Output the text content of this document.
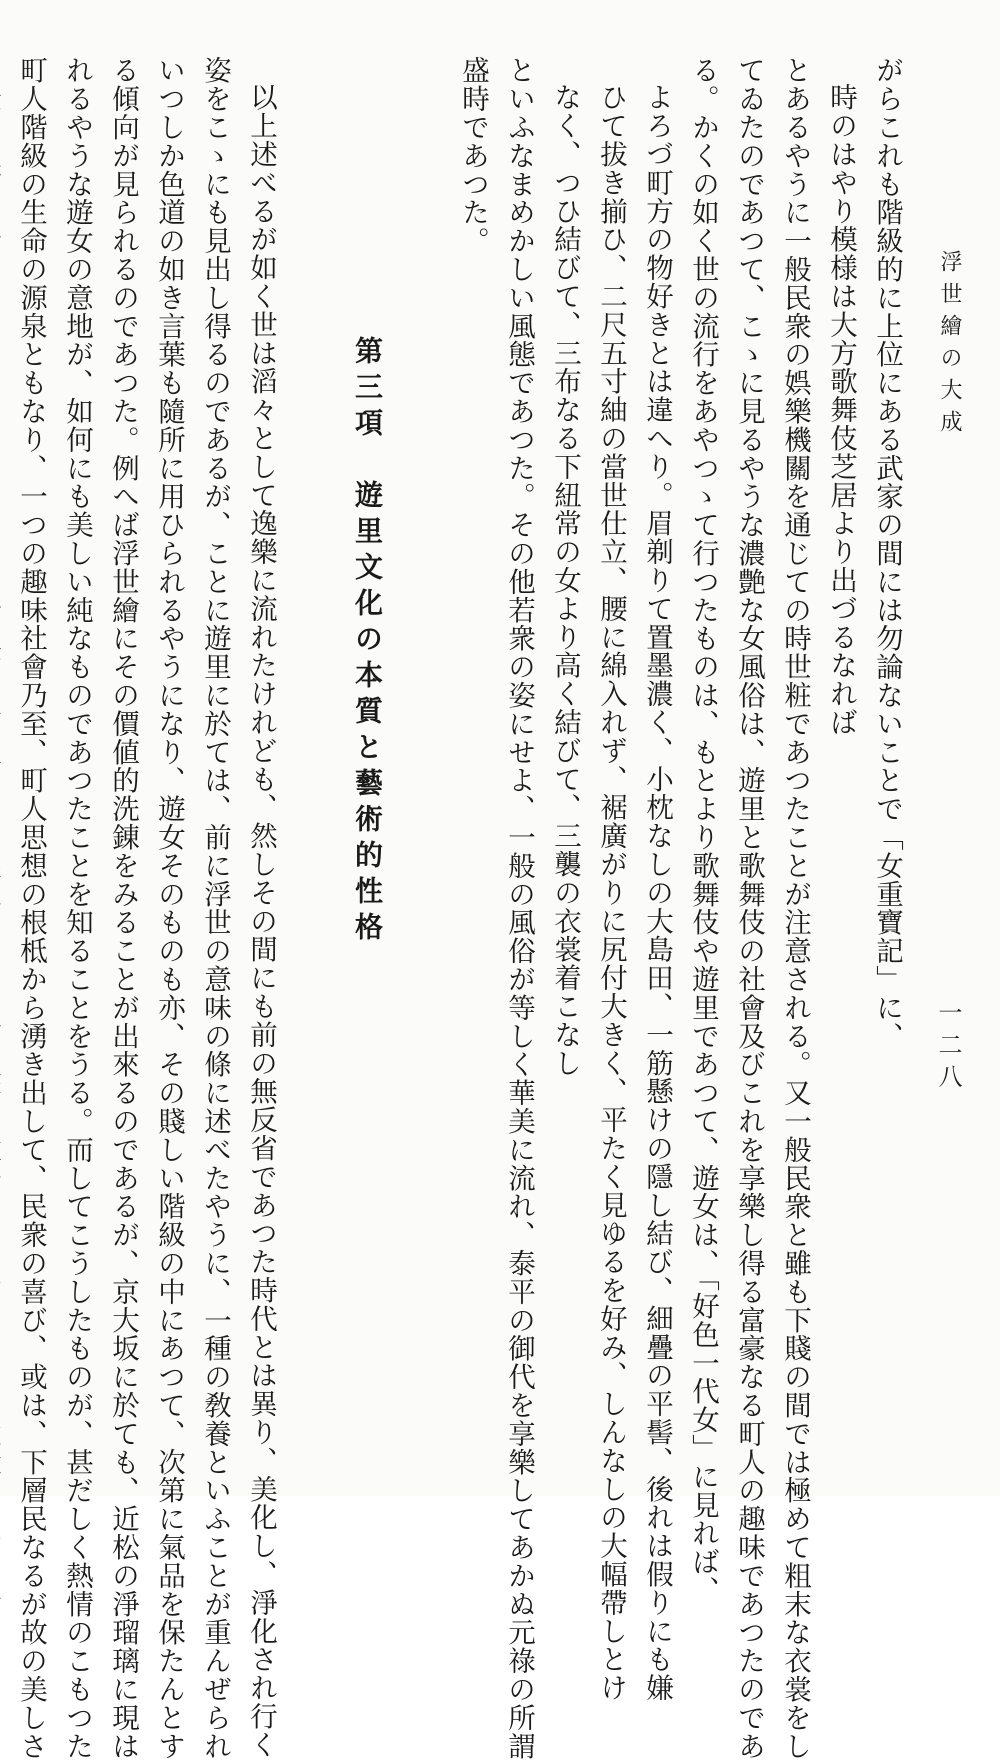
浮世繪の大成
一二八

がらこれも階級的に上位にある武家の間には勿論ないことで「女重寶記」に、

時のはやり模様は大方歌舞伎芝居より出づるなれば

とあるやうに一般民衆の娯樂機關を通じての時世粧であつたことが注意される。又一般民衆と雖も下賤の間では極めて粗末な衣裳をし

てゐたのであつて、こゝに見るやうな濃艶な女風俗は、遊里と歌舞伎の社會及びこれを享樂し得る富豪なる町人の趣味であつたのであ

る。かくの如く世の流行をあやつゝて行つたものは、もとより歌舞伎や遊里であつて、遊女は、「好色一代女」に見れば、

よろづ町方の物好きとは違へり。眉剃りて置墨濃く、小枕なしの大島田、一筋懸けの隱し結び、細疊の平髻、後れは假りにも嫌

ひて拔き揃ひ、二尺五寸紬の當世仕立、腰に綿入れず、裾廣がりに尻付大きく、平たく見ゆるを好み、しんなしの大幅帶しとけ

なく、つひ結びて、三布なる下紐常の女より高く結びて、三襲の衣裳着こなし

といふなまめかしい風態であつた。その他若衆の姿にせよ、一般の風俗が等しく華美に流れ、泰平の御代を享樂してあかぬ元祿の所謂

盛時であつた。

第三項　遊里文化の本質と藝術的性格

以上述べるが如く世は滔々として逸樂に流れたけれども、然しその間にも前の無反省であつた時代とは異り、美化し、淨化され行く

姿をこゝにも見出し得るのであるが、ことに遊里に於ては、前に浮世の意味の條に述べたやうに、一種の敎養といふことが重んぜられ

いつしか色道の如き言葉も隨所に用ひられるやうになり、遊女そのものも亦、その賤しい階級の中にあつて、次第に氣品を保たんとす

る傾向が見られるのであつた。例へば浮世繪にその價値的洗錬をみることが出來るのであるが、京大坂に於ても、近松の淨瑠璃に現は

れるやうな遊女の意地が、如何にも美しい純なものであつたことを知ることをうる。而してこうしたものが、甚だしく熱情のこもつた

町人階級の生命の源泉ともなり、一つの趣味社會乃至、町人思想の根柢から湧き出して、民衆の喜び、或は、下層民なるが故の美しさ
